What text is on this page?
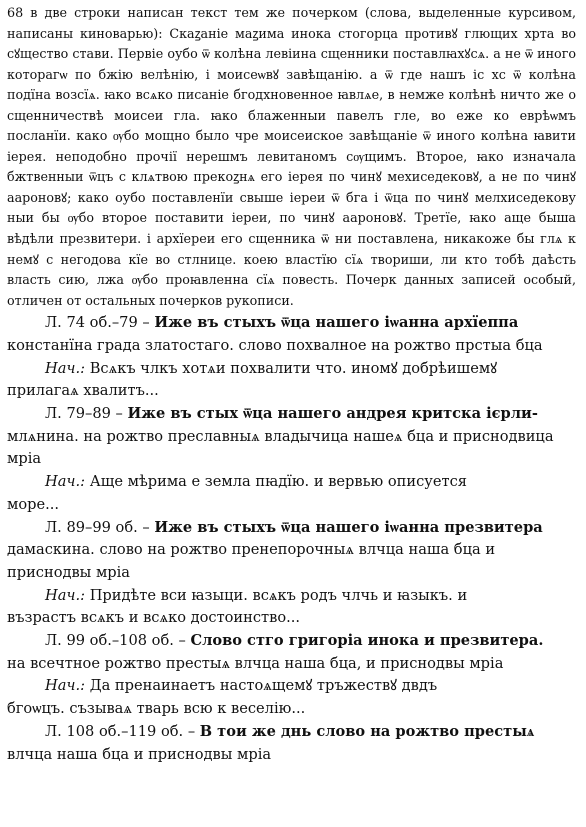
68 в две строки написан текст тем же почерком (слова, выделенные курсивом, написаны киноварью): Скаꙁаніе маꙁима инока стогорца противꙋ глющих хрта во сꙋщество стави. Первіе оубо ѿ колѣна левіина сщенники поставлꙗхꙋсѧ. а не ѿ иного которагѡ по бжію велѣнію, і моисеѡвꙋ завѣщанію. а ѿ где нашъ іс хс ѿ колѣна подїна возсїѧ. ꙗко всѧко писаніе бгодхновенное ꙗвлѧе, в немже колѣнѣ ничто же о сщенничествѣ моисеи гла. ꙗко блаженныи павелъ гле, во еже ко еврѣѡмъ посланїи. како ѹбо мощно было чре моисеиское завѣщаніе ѿ иного колѣна ꙗвити іерея. неподобно прочії нерешмъ левитаномъ сѹщимъ. Второе, ꙗко изначала бжтвенныи ѿцъ с клѧтвою прекоꙁнѧ его іерея по чинꙋ мехиседековꙋ, а не по чинꙋ аароновꙋ; како оубо поставленїи свыше іереи ѿ бга і ѿца по чинꙋ мелхиседекову ныи бы ѹбо второе поставити іереи, по чинꙋ аароновꙋ. Третїе, ꙗко аще быша вѣдѣли презвитери. і архїереи его сщенника ѿ ни поставлена, никакоже бы глѧ к немꙋ с негодова кїе во стлнице. коею властїю сїѧ твориши, ли кто тобѣ даѣсть власть сию, лжа ѹбо проꙗвленна сїѧ повесть. Почерк данных записей особый, отличен от остальных почерков рукописи.

Л. 74 об.–79 – Иже въ стыхъ ѿца нашего іѡанна архїеппа

констанїна града златостаго. слово похвалное на рожтво прстыа бца

Нач.: Всѧкъ члкъ хотѧи похвалити что. иномꙋ добрѣишемꙋ

прилагаѧ хвалитъ...

Л. 79–89 – Иже въ стых ѿца нашего андрея критска ієрли-

млѧнина. на рожтво преславныѧ владычица нашеѧ бца и приснодвица

мріа

Нач.: Аще мѣрима е земла пꙗдїю. и вервью описуется

море...

Л. 89–99 об. – Иже въ стыхъ ѿца нашего іѡанна презвитера

дамаскина. слово на рожтво пренепорочныѧ влчца наша бца и

приснодвы мріа

Нач.: Придѣте вси ꙗзыци. всѧкъ родъ члчь и ꙗзыкъ. и

възрастъ всѧкъ и всѧко достоинство...

Л. 99 об.–108 об. – Слово стго григоріа инока и презвитера.

на всечтное рожтво престыѧ влчца наша бца, и приснодвы мріа

Нач.: Да пренаинаетъ настоѧщемꙋ тръжествꙋ двдъ

бгоѡцъ. съзываѧ тварь всю к веселію...

Л. 108 об.–119 об. – В тои же днь слово на рожтво престыѧ

влчца наша бца и приснодвы мріа
